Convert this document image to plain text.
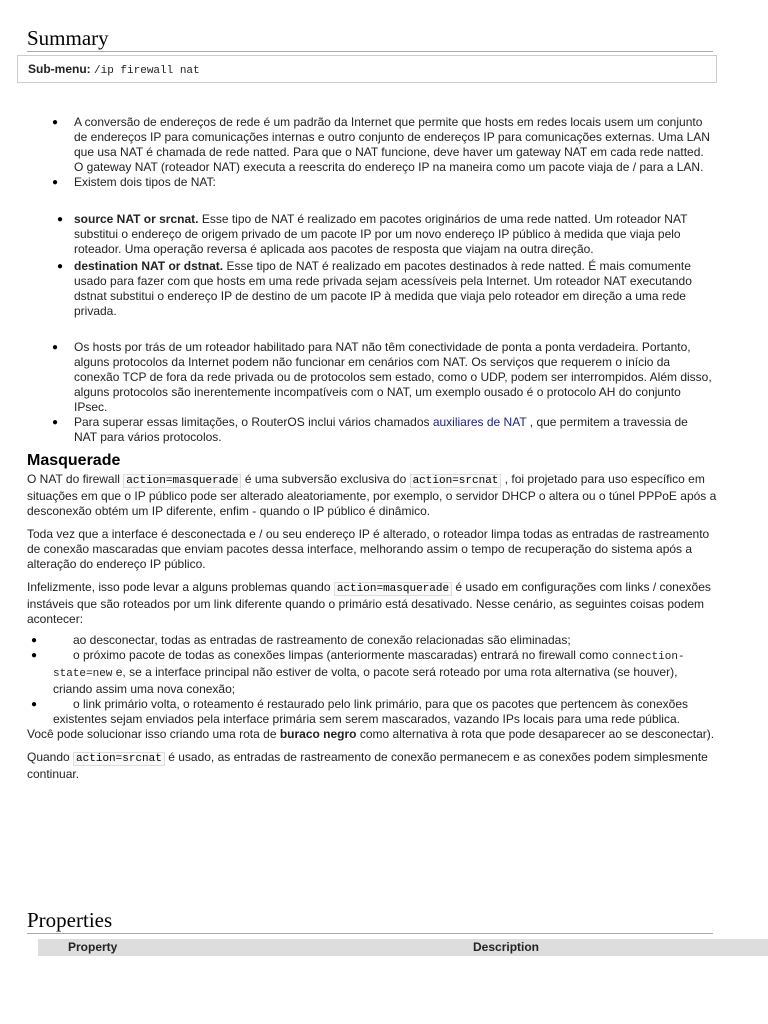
Summary
Sub-menu: /ip firewall nat
● A conversão de endereços de rede é um padrão da Internet que permite que hosts em redes locais usem um conjunto de endereços IP para comunicações internas e outro conjunto de endereços IP para comunicações externas. Uma LAN que usa NAT é chamada de rede natted. Para que o NAT funcione, deve haver um gateway NAT em cada rede natted. O gateway NAT (roteador NAT) executa a reescrita do endereço IP na maneira como um pacote viaja de / para a LAN.
● Existem dois tipos de NAT:
● source NAT or srcnat. Esse tipo de NAT é realizado em pacotes originários de uma rede natted. Um roteador NAT substitui o endereço de origem privado de um pacote IP por um novo endereço IP público à medida que viaja pelo roteador. Uma operação reversa é aplicada aos pacotes de resposta que viajam na outra direção.
● destination NAT or dstnat. Esse tipo de NAT é realizado em pacotes destinados à rede natted. É mais comumente usado para fazer com que hosts em uma rede privada sejam acessíveis pela Internet. Um roteador NAT executando dstnat substitui o endereço IP de destino de um pacote IP à medida que viaja pelo roteador em direção a uma rede privada.
● Os hosts por trás de um roteador habilitado para NAT não têm conectividade de ponta a ponta verdadeira. Portanto, alguns protocolos da Internet podem não funcionar em cenários com NAT. Os serviços que requerem o início da conexão TCP de fora da rede privada ou de protocolos sem estado, como o UDP, podem ser interrompidos. Além disso, alguns protocolos são inerentemente incompatíveis com o NAT, um exemplo ousado é o protocolo AH do conjunto IPsec.
● Para superar essas limitações, o RouterOS inclui vários chamados auxiliares de NAT , que permitem a travessia de NAT para vários protocolos.
Masquerade

O NAT do firewall action=masquerade é uma subversão exclusiva do action=srcnat , foi projetado para uso específico em situações em que o IP público pode ser alterado aleatoriamente, por exemplo, o servidor DHCP o altera ou o túnel PPPoE após a desconexão obtém um IP diferente, enfim - quando o IP público é dinâmico.

Toda vez que a interface é desconectada e / ou seu endereço IP é alterado, o roteador limpa todas as entradas de rastreamento de conexão mascaradas que enviam pacotes dessa interface, melhorando assim o tempo de recuperação do sistema após a alteração do endereço IP público.

Infelizmente, isso pode levar a alguns problemas quando action=masquerade é usado em configurações com links / conexões instáveis que são roteados por um link diferente quando o primário está desativado. Nesse cenário, as seguintes coisas podem acontecer:

●	ao desconectar, todas as entradas de rastreamento de conexão relacionadas são eliminadas;
●	o próximo pacote de todas as conexões limpas (anteriormente mascaradas) entrará no firewall como connection-state=new e, se a interface principal não estiver de volta, o pacote será roteado por uma rota alternativa (se houver), criando assim uma nova conexão;
●	o link primário volta, o roteamento é restaurado pelo link primário, para que os pacotes que pertencem às conexões existentes sejam enviados pela interface primária sem serem mascarados, vazando IPs locais para uma rede pública.

Você pode solucionar isso criando uma rota de buraco negro como alternativa à rota que pode desaparecer ao se desconectar).

Quando action=srcnat é usado, as entradas de rastreamento de conexão permanecem e as conexões podem simplesmente continuar.

Properties
Property	Description
